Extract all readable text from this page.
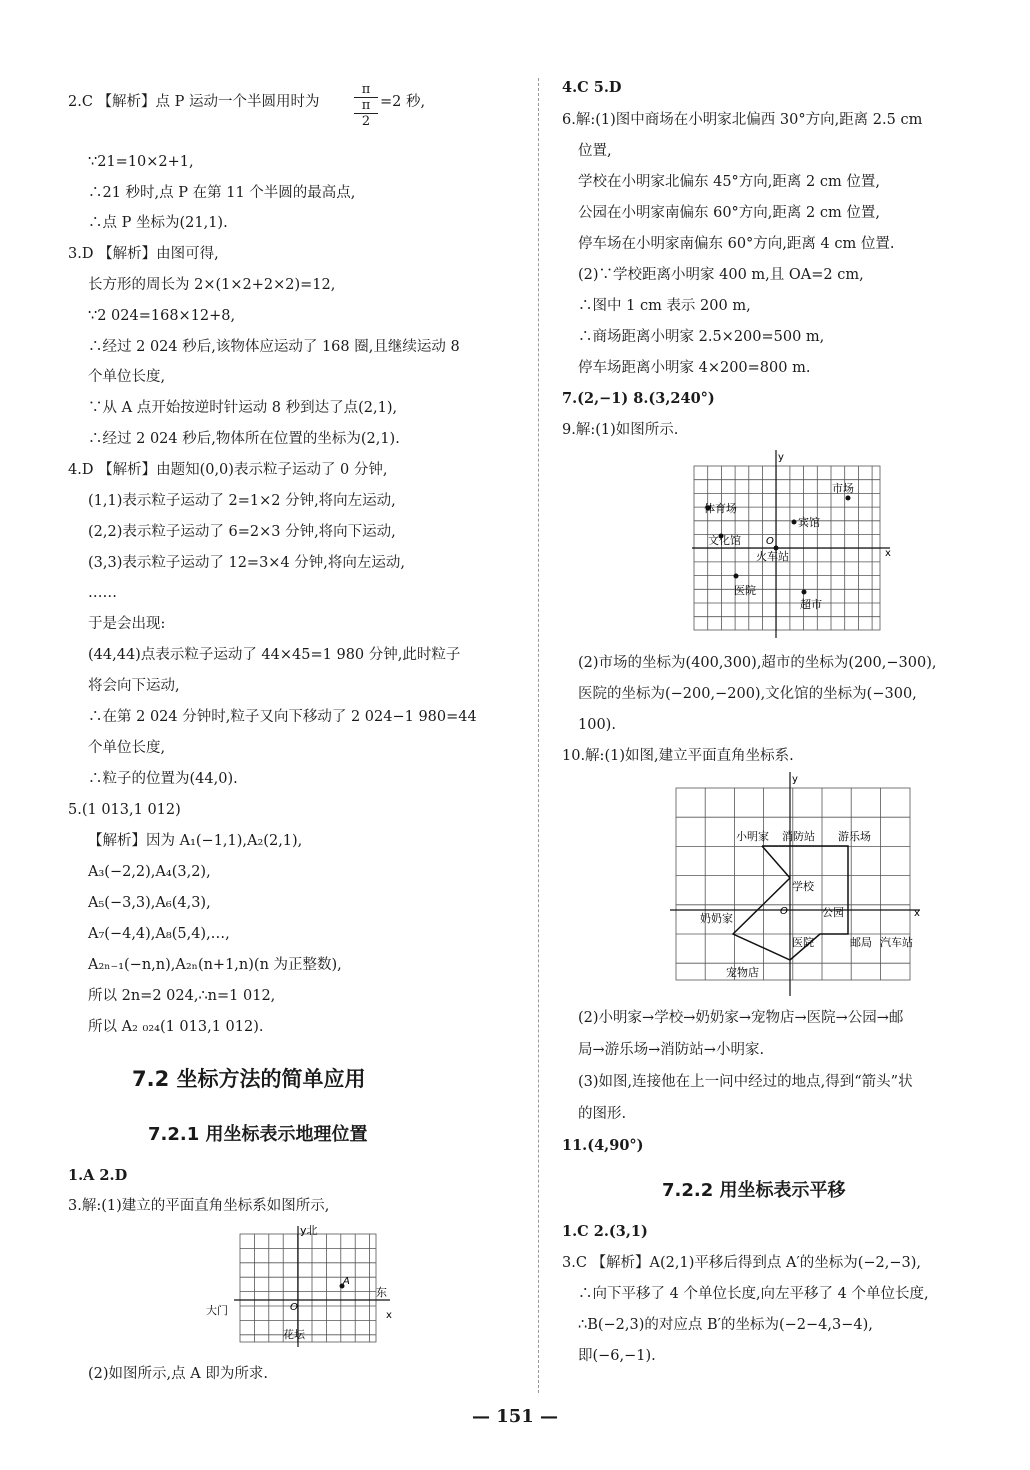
2.C 【解析】点 P 运动一个半圆用时为
π
π
2
=2 秒,
∵21=10×2+1,
∴21 秒时,点 P 在第 11 个半圆的最高点,
∴点 P 坐标为(21,1).
3.D 【解析】由图可得,
长方形的周长为 2×(1×2+2×2)=12,
∵2 024=168×12+8,
∴经过 2 024 秒后,该物体应运动了 168 圈,且继续运动 8
个单位长度,
∵从 A 点开始按逆时针运动 8 秒到达了点(2,1),
∴经过 2 024 秒后,物体所在位置的坐标为(2,1).
4.D 【解析】由题知(0,0)表示粒子运动了 0 分钟,
(1,1)表示粒子运动了 2=1×2 分钟,将向左运动,
(2,2)表示粒子运动了 6=2×3 分钟,将向下运动,
(3,3)表示粒子运动了 12=3×4 分钟,将向左运动,
……
于是会出现:
(44,44)点表示粒子运动了 44×45=1 980 分钟,此时粒子
将会向下运动,
∴在第 2 024 分钟时,粒子又向下移动了 2 024−1 980=44
个单位长度,
∴粒子的位置为(44,0).
5.(1 013,1 012)
【解析】因为 A₁(−1,1),A₂(2,1),
A₃(−2,2),A₄(3,2),
A₅(−3,3),A₆(4,3),
A₇(−4,4),A₈(5,4),…,
A₂ₙ₋₁(−n,n),A₂ₙ(n+1,n)(n 为正整数),
所以 2n=2 024,∴n=1 012,
所以 A₂ ₀₂₄(1 013,1 012).
7.2 坐标方法的简单应用
7.2.1 用坐标表示地理位置
1.A 2.D
3.解:(1)建立的平面直角坐标系如图所示,
y北
x
东
大门	O
A
花坛
(2)如图所示,点 A 即为所求.
4.C 5.D
6.解:(1)图中商场在小明家北偏西 30°方向,距离 2.5 cm
位置,
学校在小明家北偏东 45°方向,距离 2 cm 位置,
公园在小明家南偏东 60°方向,距离 2 cm 位置,
停车场在小明家南偏东 60°方向,距离 4 cm 位置.
(2)∵学校距离小明家 400 m,且 OA=2 cm,
∴图中 1 cm 表示 200 m,
∴商场距离小明家 2.5×200=500 m,
停车场距离小明家 4×200=800 m.
7.(2,−1) 8.(3,240°)
9.解:(1)如图所示.
y
x
O
市场
体育场
宾馆
文化馆
火车站
医院
超市
(2)市场的坐标为(400,300),超市的坐标为(200,−300),
医院的坐标为(−200,−200),文化馆的坐标为(−300,
100).
10.解:(1)如图,建立平面直角坐标系.
y
x
O
小明家 消防站 游乐场
学校
奶奶家	公园
医院	邮局 汽车站
宠物店
(2)小明家→学校→奶奶家→宠物店→医院→公园→邮
局→游乐场→消防站→小明家.
(3)如图,连接他在上一问中经过的地点,得到“箭头”状
的图形.
11.(4,90°)
7.2.2 用坐标表示平移
1.C 2.(3,1)
3.C 【解析】A(2,1)平移后得到点 A′的坐标为(−2,−3),
∴向下平移了 4 个单位长度,向左平移了 4 个单位长度,
∴B(−2,3)的对应点 B′的坐标为(−2−4,3−4),
即(−6,−1).
— 151 —
